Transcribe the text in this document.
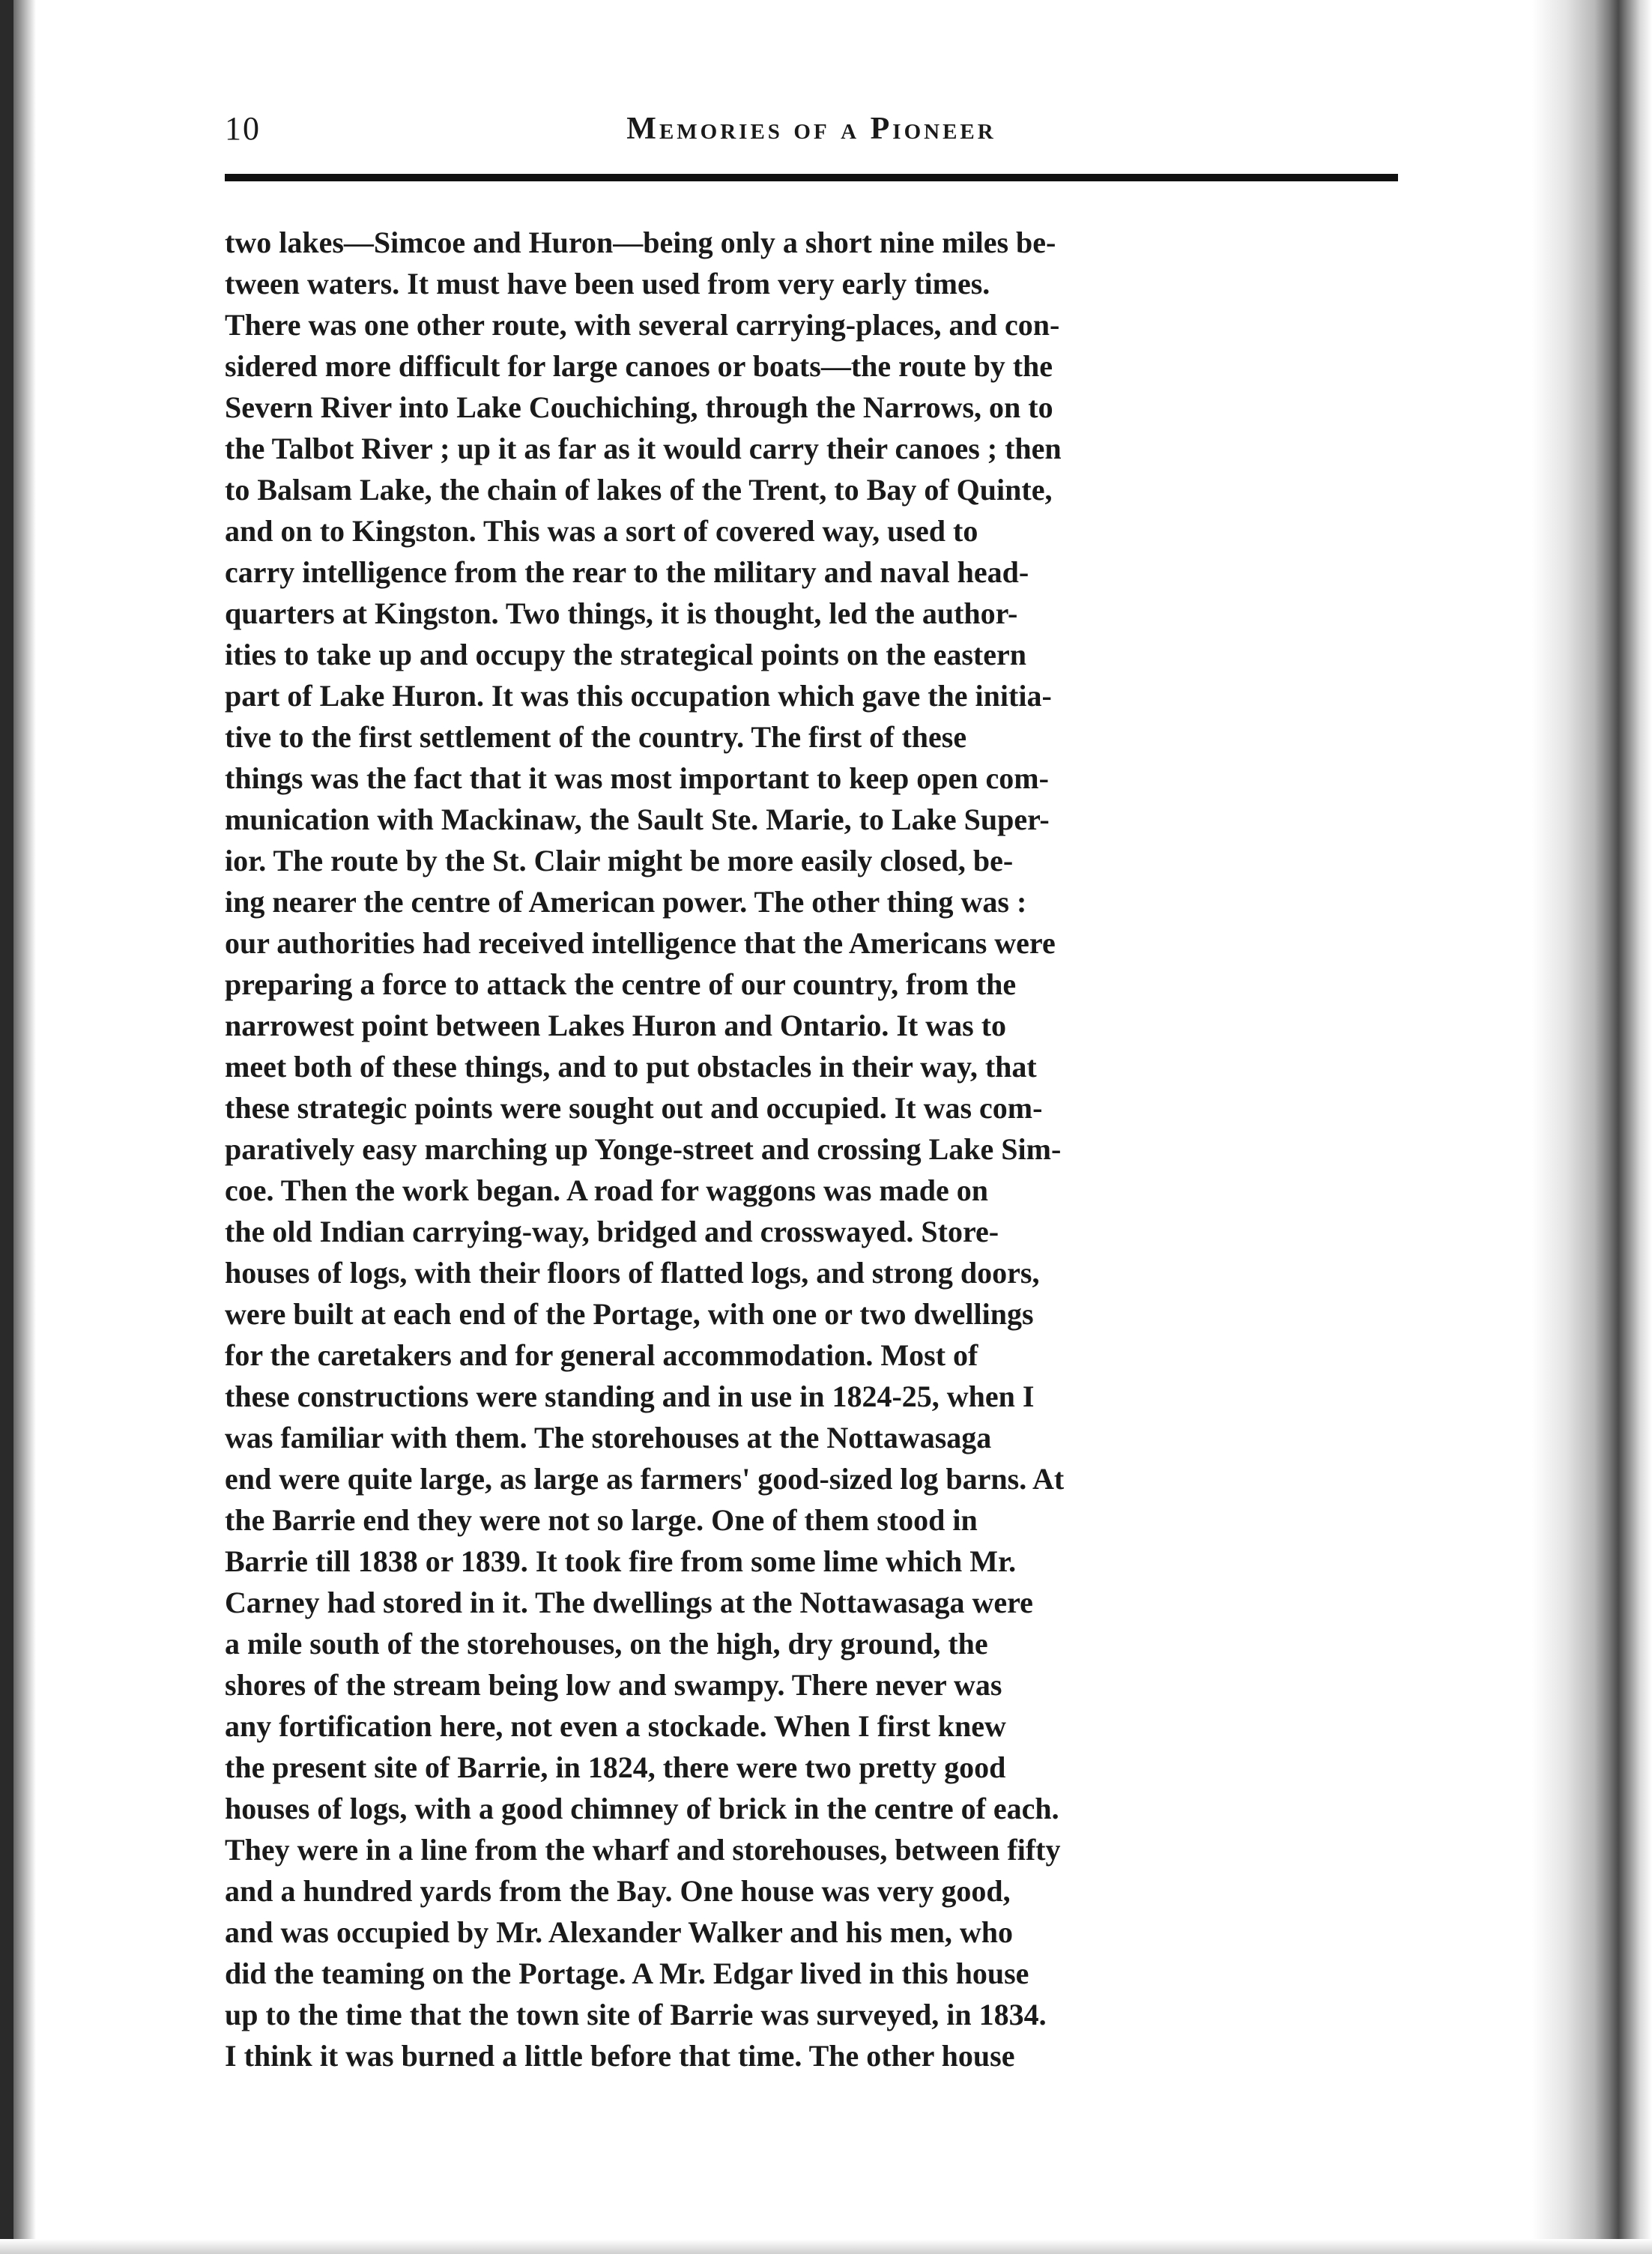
10	Memories of a Pioneer
two lakes—Simcoe and Huron—being only a short nine miles be-
tween waters. It must have been used from very early times.
There was one other route, with several carrying-places, and con-
sidered more difficult for large canoes or boats—the route by the
Severn River into Lake Couchiching, through the Narrows, on to
the Talbot River ; up it as far as it would carry their canoes ; then
to Balsam Lake, the chain of lakes of the Trent, to Bay of Quinte,
and on to Kingston. This was a sort of covered way, used to
carry intelligence from the rear to the military and naval head-
quarters at Kingston. Two things, it is thought, led the author-
ities to take up and occupy the strategical points on the eastern
part of Lake Huron. It was this occupation which gave the initia-
tive to the first settlement of the country. The first of these
things was the fact that it was most important to keep open com-
munication with Mackinaw, the Sault Ste. Marie, to Lake Super-
ior. The route by the St. Clair might be more easily closed, be-
ing nearer the centre of American power. The other thing was :
our authorities had received intelligence that the Americans were
preparing a force to attack the centre of our country, from the
narrowest point between Lakes Huron and Ontario. It was to
meet both of these things, and to put obstacles in their way, that
these strategic points were sought out and occupied. It was com-
paratively easy marching up Yonge-street and crossing Lake Sim-
coe. Then the work began. A road for waggons was made on
the old Indian carrying-way, bridged and crosswayed. Store-
houses of logs, with their floors of flatted logs, and strong doors,
were built at each end of the Portage, with one or two dwellings
for the caretakers and for general accommodation. Most of
these constructions were standing and in use in 1824-25, when I
was familiar with them. The storehouses at the Nottawasaga
end were quite large, as large as farmers' good-sized log barns. At
the Barrie end they were not so large. One of them stood in
Barrie till 1838 or 1839. It took fire from some lime which Mr.
Carney had stored in it. The dwellings at the Nottawasaga were
a mile south of the storehouses, on the high, dry ground, the
shores of the stream being low and swampy. There never was
any fortification here, not even a stockade. When I first knew
the present site of Barrie, in 1824, there were two pretty good
houses of logs, with a good chimney of brick in the centre of each.
They were in a line from the wharf and storehouses, between fifty
and a hundred yards from the Bay. One house was very good,
and was occupied by Mr. Alexander Walker and his men, who
did the teaming on the Portage. A Mr. Edgar lived in this house
up to the time that the town site of Barrie was surveyed, in 1834.
I think it was burned a little before that time. The other house
